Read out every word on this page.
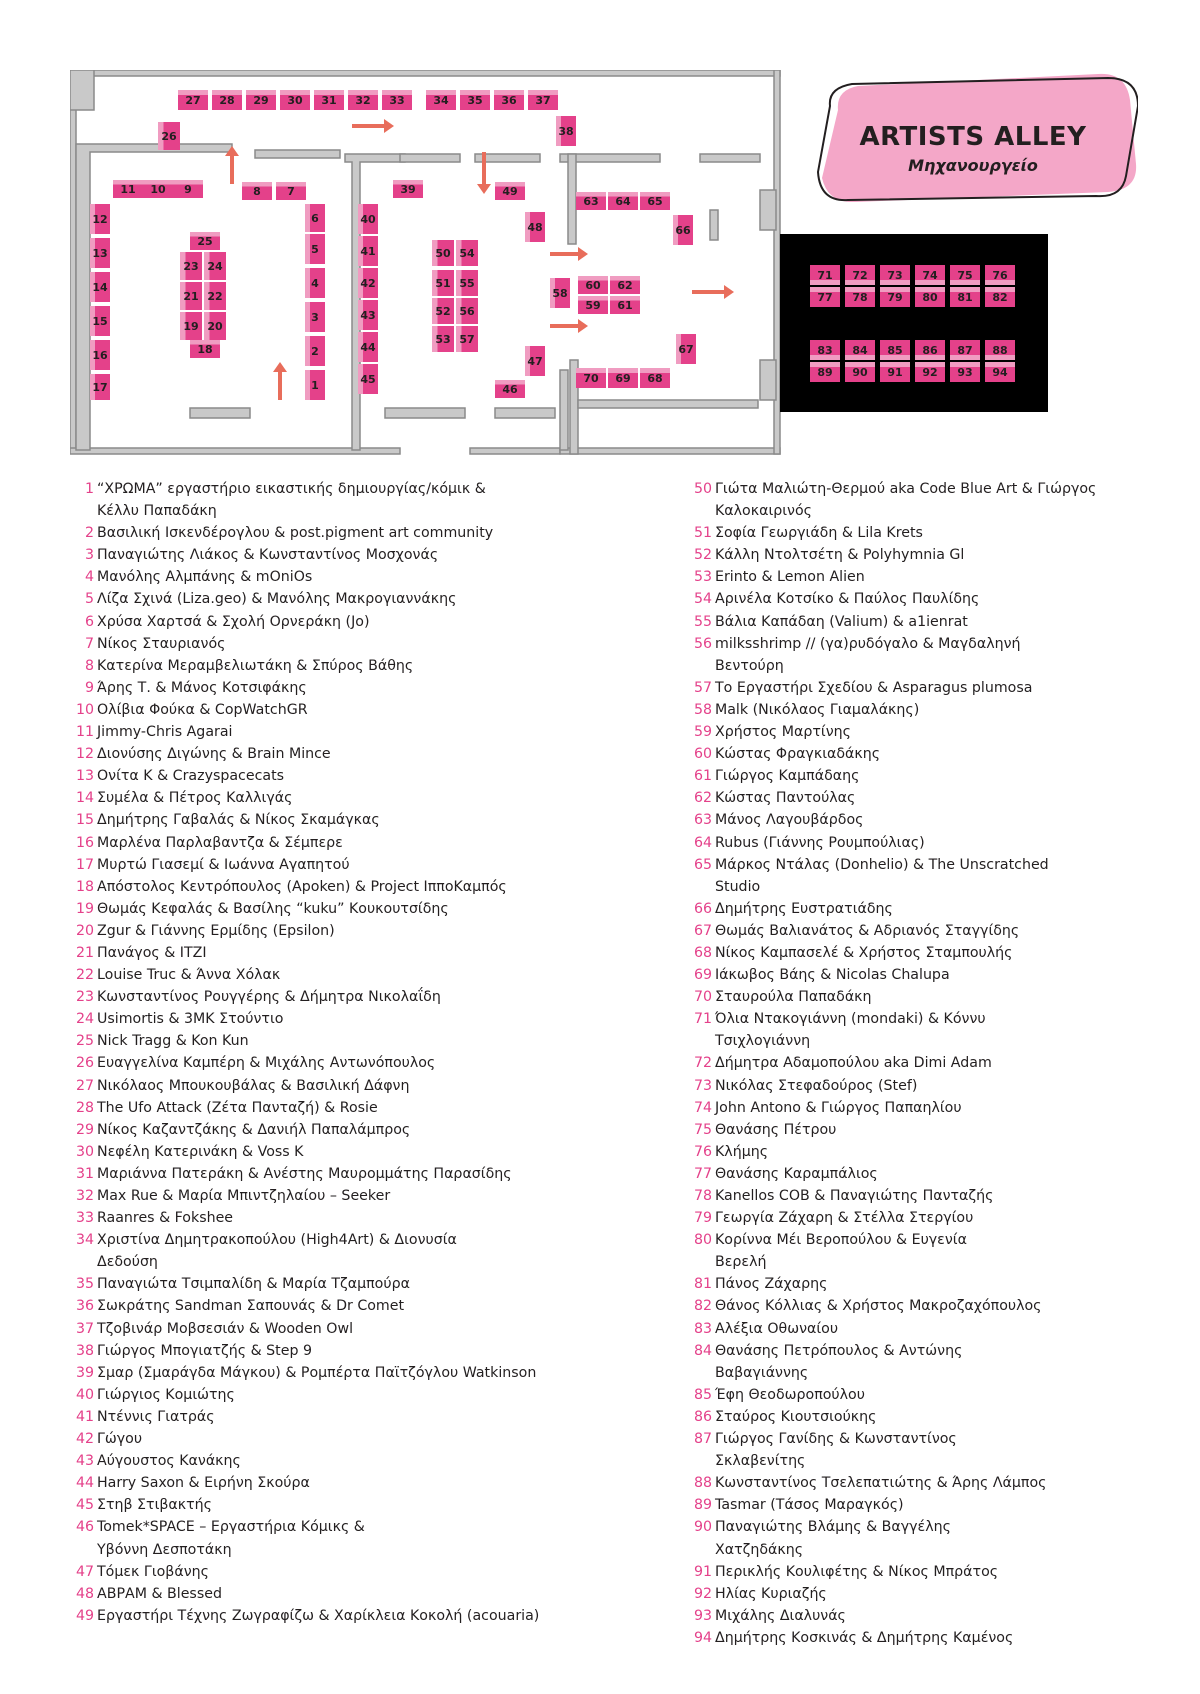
ARTISTS ALLEY
Μηχανουργείο
1
2
3
4
5
6
7
8
9
10
11
12
13
14
15
16
17
18
19 20
21 22
23 24
25
26
27 28 29 30 31 32 33	34 35 36 37
38
39
40
41
42
43
44
45
46
47
48
49
50
51
52
53
54
55
56
57
58
59
60
61
62
63 64 65
66
67
68
69
70
71 72 73 74 75 76
77 78 79 80 81 82
83 84 85 86 87 88
89 90 91 92 93 94
1 “ΧΡΩΜΑ” εργαστήριο εικαστικής δημιουργίας/κόμικ &
Κέλλυ Παπαδάκη
2 Βασιλική Ισκενδέρογλου & post.pigment art community
3 Παναγιώτης Λιάκος & Κωνσταντίνος Μοσχονάς
4 Μανόλης Αλμπάνης & mOniOs
5 Λίζα Σχινά (Liza.geo) & Μανόλης Μακρογιαννάκης
6 Χρύσα Χαρτσά & Σχολή Ορνεράκη (Jo)
7 Νίκος Σταυριανός
8 Κατερίνα Μεραμβελιωτάκη & Σπύρος Βάθης
9 Άρης Τ. & Μάνος Κοτσιφάκης
10 Ολίβια Φούκα & CopWatchGR
11 Jimmy-Chris Agarai
12 Διονύσης Διγώνης & Brain Mince
13 Ονίτα Κ & Crazyspacecats
14 Συμέλα & Πέτρος Καλλιγάς
15 Δημήτρης Γαβαλάς & Νίκος Σκαμάγκας
16 Μαρλένα Παρλαβαντζα & Σέμπερε
17 Μυρτώ Γιασεμί & Ιωάννα Αγαπητού
18 Απόστολος Κεντρόπουλος (Apoken) & Project ΙπποΚαμπός
19 Θωμάς Κεφαλάς & Βασίλης “kuku” Κουκουτσίδης
20 Zgur & Γιάννης Ερμίδης (Epsilon)
21 Πανάγος & ITZI
22 Louise Truc & Άννα Χόλακ
23 Κωνσταντίνος Ρουγγέρης & Δήμητρα Νικολαΐδη
24 Usimortis & 3MK Στούντιο
25 Nick Tragg & Kon Kun
26 Ευαγγελίνα Καμπέρη & Μιχάλης Αντωνόπουλος
27 Νικόλαος Μπουκουβάλας & Βασιλική Δάφνη
28 The Ufo Attack (Ζέτα Πανταζή) & Rosie
29 Νίκος Καζαντζάκης & Δανιήλ Παπαλάμπρος
30 Νεφέλη Κατερινάκη & Voss K
31 Μαριάννα Πατεράκη & Ανέστης Μαυρομμάτης Παρασίδης
32 Max Rue & Μαρία Μπιντζηλαίου – Seeker
33 Raanres & Fokshee
34 Χριστίνα Δημητρακοπούλου (High4Art) & Διονυσία
Δεδούση
35 Παναγιώτα Τσιμπαλίδη & Μαρία Τζαμπούρα
36 Σωκράτης Sandman Σαπουνάς & Dr Comet
37 Τζοβινάρ Μοβσεσιάν & Wooden Owl
38 Γιώργος Μπογιατζής & Step 9
39 Σμαρ (Σμαράγδα Μάγκου) & Ρομπέρτα Παϊτζόγλου Watkinson
40 Γιώργιος Κομιώτης
41 Ντέννις Γιατράς
42 Γώγου
43 Αύγουστος Κανάκης
44 Harry Saxon & Ειρήνη Σκούρα
45 Στηβ Στιβακτής
46 Tomek*SPACE – Εργαστήρια Κόμικς &
Υβόννη Δεσποτάκη
47 Τόμεκ Γιοβάνης
48 ΑΒΡΑΜ & Blessed
49 Εργαστήρι Τέχνης Ζωγραφίζω & Χαρίκλεια Κοκολή (acouaria)
50 Γιώτα Μαλιώτη-Θερμού aka Code Blue Art & Γιώργος
Καλοκαιρινός
51 Σοφία Γεωργιάδη & Lila Krets
52 Κάλλη Ντολτσέτη & Polyhymnia Gl
53 Erinto & Lemon Alien
54 Αρινέλα Κοτσίκο & Παύλος Παυλίδης
55 Βάλια Καπάδαη (Valium) & a1ienrat
56 milksshrimp // (γα)ρυδόγαλο & Μαγδαληνή
Βεντούρη
57 Το Εργαστήρι Σχεδίου & Asparagus plumosa
58 Malk (Νικόλαος Γιαμαλάκης)
59 Χρήστος Μαρτίνης
60 Κώστας Φραγκιαδάκης
61 Γιώργος Καμπάδαης
62 Κώστας Παντούλας
63 Μάνος Λαγουβάρδος
64 Rubus (Γιάννης Ρουμπούλιας)
65 Μάρκος Ντάλας (Donhelio) & The Unscratched
Studio
66 Δημήτρης Ευστρατιάδης
67 Θωμάς Βαλιανάτος & Αδριανός Σταγγίδης
68 Νίκος Καμπασελέ & Χρήστος Σταμπουλής
69 Ιάκωβος Βάης & Nicolas Chalupa
70 Σταυρούλα Παπαδάκη
71 Όλια Ντακογιάννη (mondaki) & Κόννυ
Τσιχλογιάννη
72 Δήμητρα Αδαμοπούλου aka Dimi Adam
73 Νικόλας Στεφαδούρος (Stef)
74 John Antono & Γιώργος Παπαηλίου
75 Θανάσης Πέτρου
76 Κλήμης
77 Θανάσης Καραμπάλιος
78 Kanellos COB & Παναγιώτης Πανταζής
79 Γεωργία Ζάχαρη & Στέλλα Στεργίου
80 Κορίννα Μέι Βεροπούλου & Ευγενία
Βερελή
81 Πάνος Ζάχαρης
82 Θάνος Κόλλιας & Χρήστος Μακροζαχόπουλος
83 Αλέξια Οθωναίου
84 Θανάσης Πετρόπουλος & Αντώνης
Βαβαγιάννης
85 Έφη Θεοδωροπούλου
86 Σταύρος Κιουτσιούκης
87 Γιώργος Γανίδης & Κωνσταντίνος
Σκλαβενίτης
88 Κωνσταντίνος Τσελεπατιώτης & Άρης Λάμπος
89 Tasmar (Τάσος Μαραγκός)
90 Παναγιώτης Βλάμης & Βαγγέλης
Χατζηδάκης
91 Περικλής Κουλιφέτης & Νίκος Μπράτος
92 Ηλίας Κυριαζής
93 Μιχάλης Διαλυνάς
94 Δημήτρης Κοσκινάς & Δημήτρης Καμένος
